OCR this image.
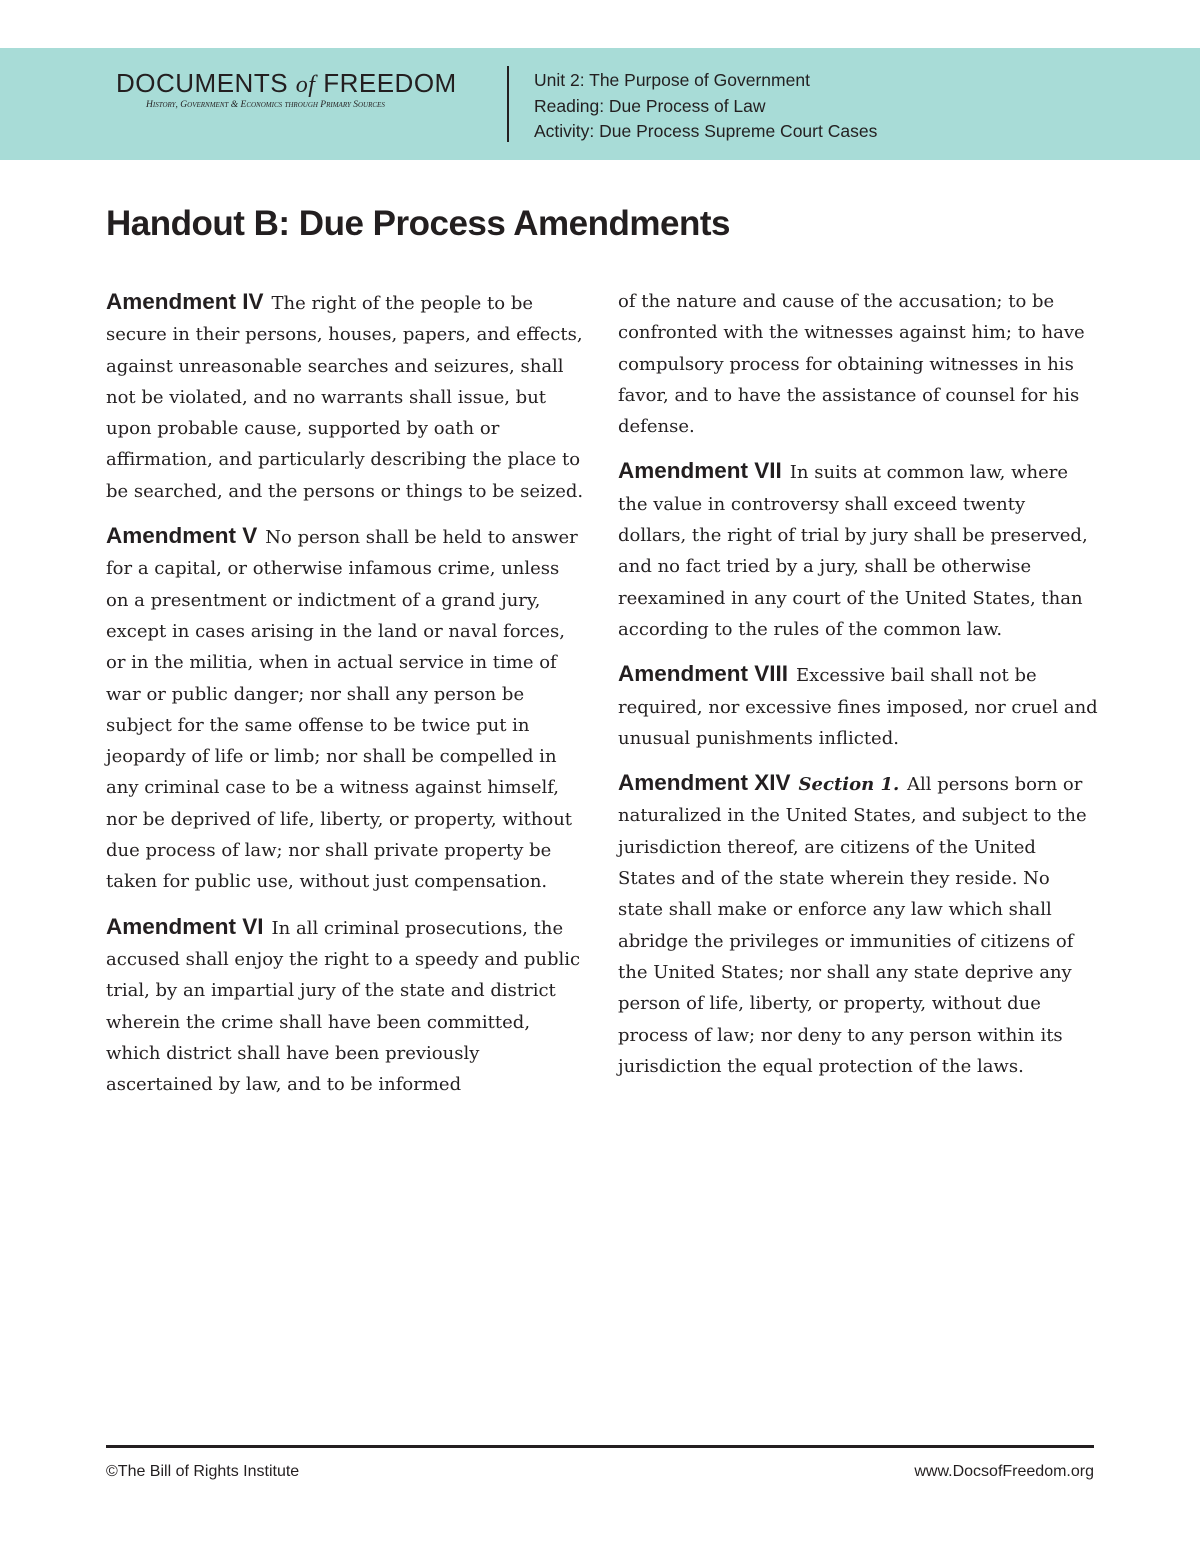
DOCUMENTS of FREEDOM
History, Government & Economics through Primary Sources
Unit 2: The Purpose of Government
Reading: Due Process of Law
Activity: Due Process Supreme Court Cases
Handout B: Due Process Amendments

Amendment IV The right of the people to be secure in their persons, houses, papers, and effects, against unreasonable searches and seizures, shall not be violated, and no warrants shall issue, but upon probable cause, supported by oath or affirmation, and particularly describing the place to be searched, and the persons or things to be seized.

Amendment V No person shall be held to answer for a capital, or otherwise infamous crime, unless on a presentment or indictment of a grand jury, except in cases arising in the land or naval forces, or in the militia, when in actual service in time of war or public danger; nor shall any person be subject for the same offense to be twice put in jeopardy of life or limb; nor shall be compelled in any criminal case to be a witness against himself, nor be deprived of life, liberty, or property, without due process of law; nor shall private property be taken for public use, without just compensation.

Amendment VI In all criminal prosecutions, the accused shall enjoy the right to a speedy and public trial, by an impartial jury of the state and district wherein the crime shall have been committed, which district shall have been previously ascertained by law, and to be informed

of the nature and cause of the accusation; to be confronted with the witnesses against him; to have compulsory process for obtaining witnesses in his favor, and to have the assistance of counsel for his defense.

Amendment VII In suits at common law, where the value in controversy shall exceed twenty dollars, the right of trial by jury shall be preserved, and no fact tried by a jury, shall be otherwise reexamined in any court of the United States, than according to the rules of the common law.

Amendment VIII Excessive bail shall not be required, nor excessive fines imposed, nor cruel and unusual punishments inflicted.

Amendment XIV Section 1. All persons born or naturalized in the United States, and subject to the jurisdiction thereof, are citizens of the United States and of the state wherein they reside. No state shall make or enforce any law which shall abridge the privileges or immunities of citizens of the United States; nor shall any state deprive any person of life, liberty, or property, without due process of law; nor deny to any person within its jurisdiction the equal protection of the laws.

©The Bill of Rights Institute	www.DocsofFreedom.org
